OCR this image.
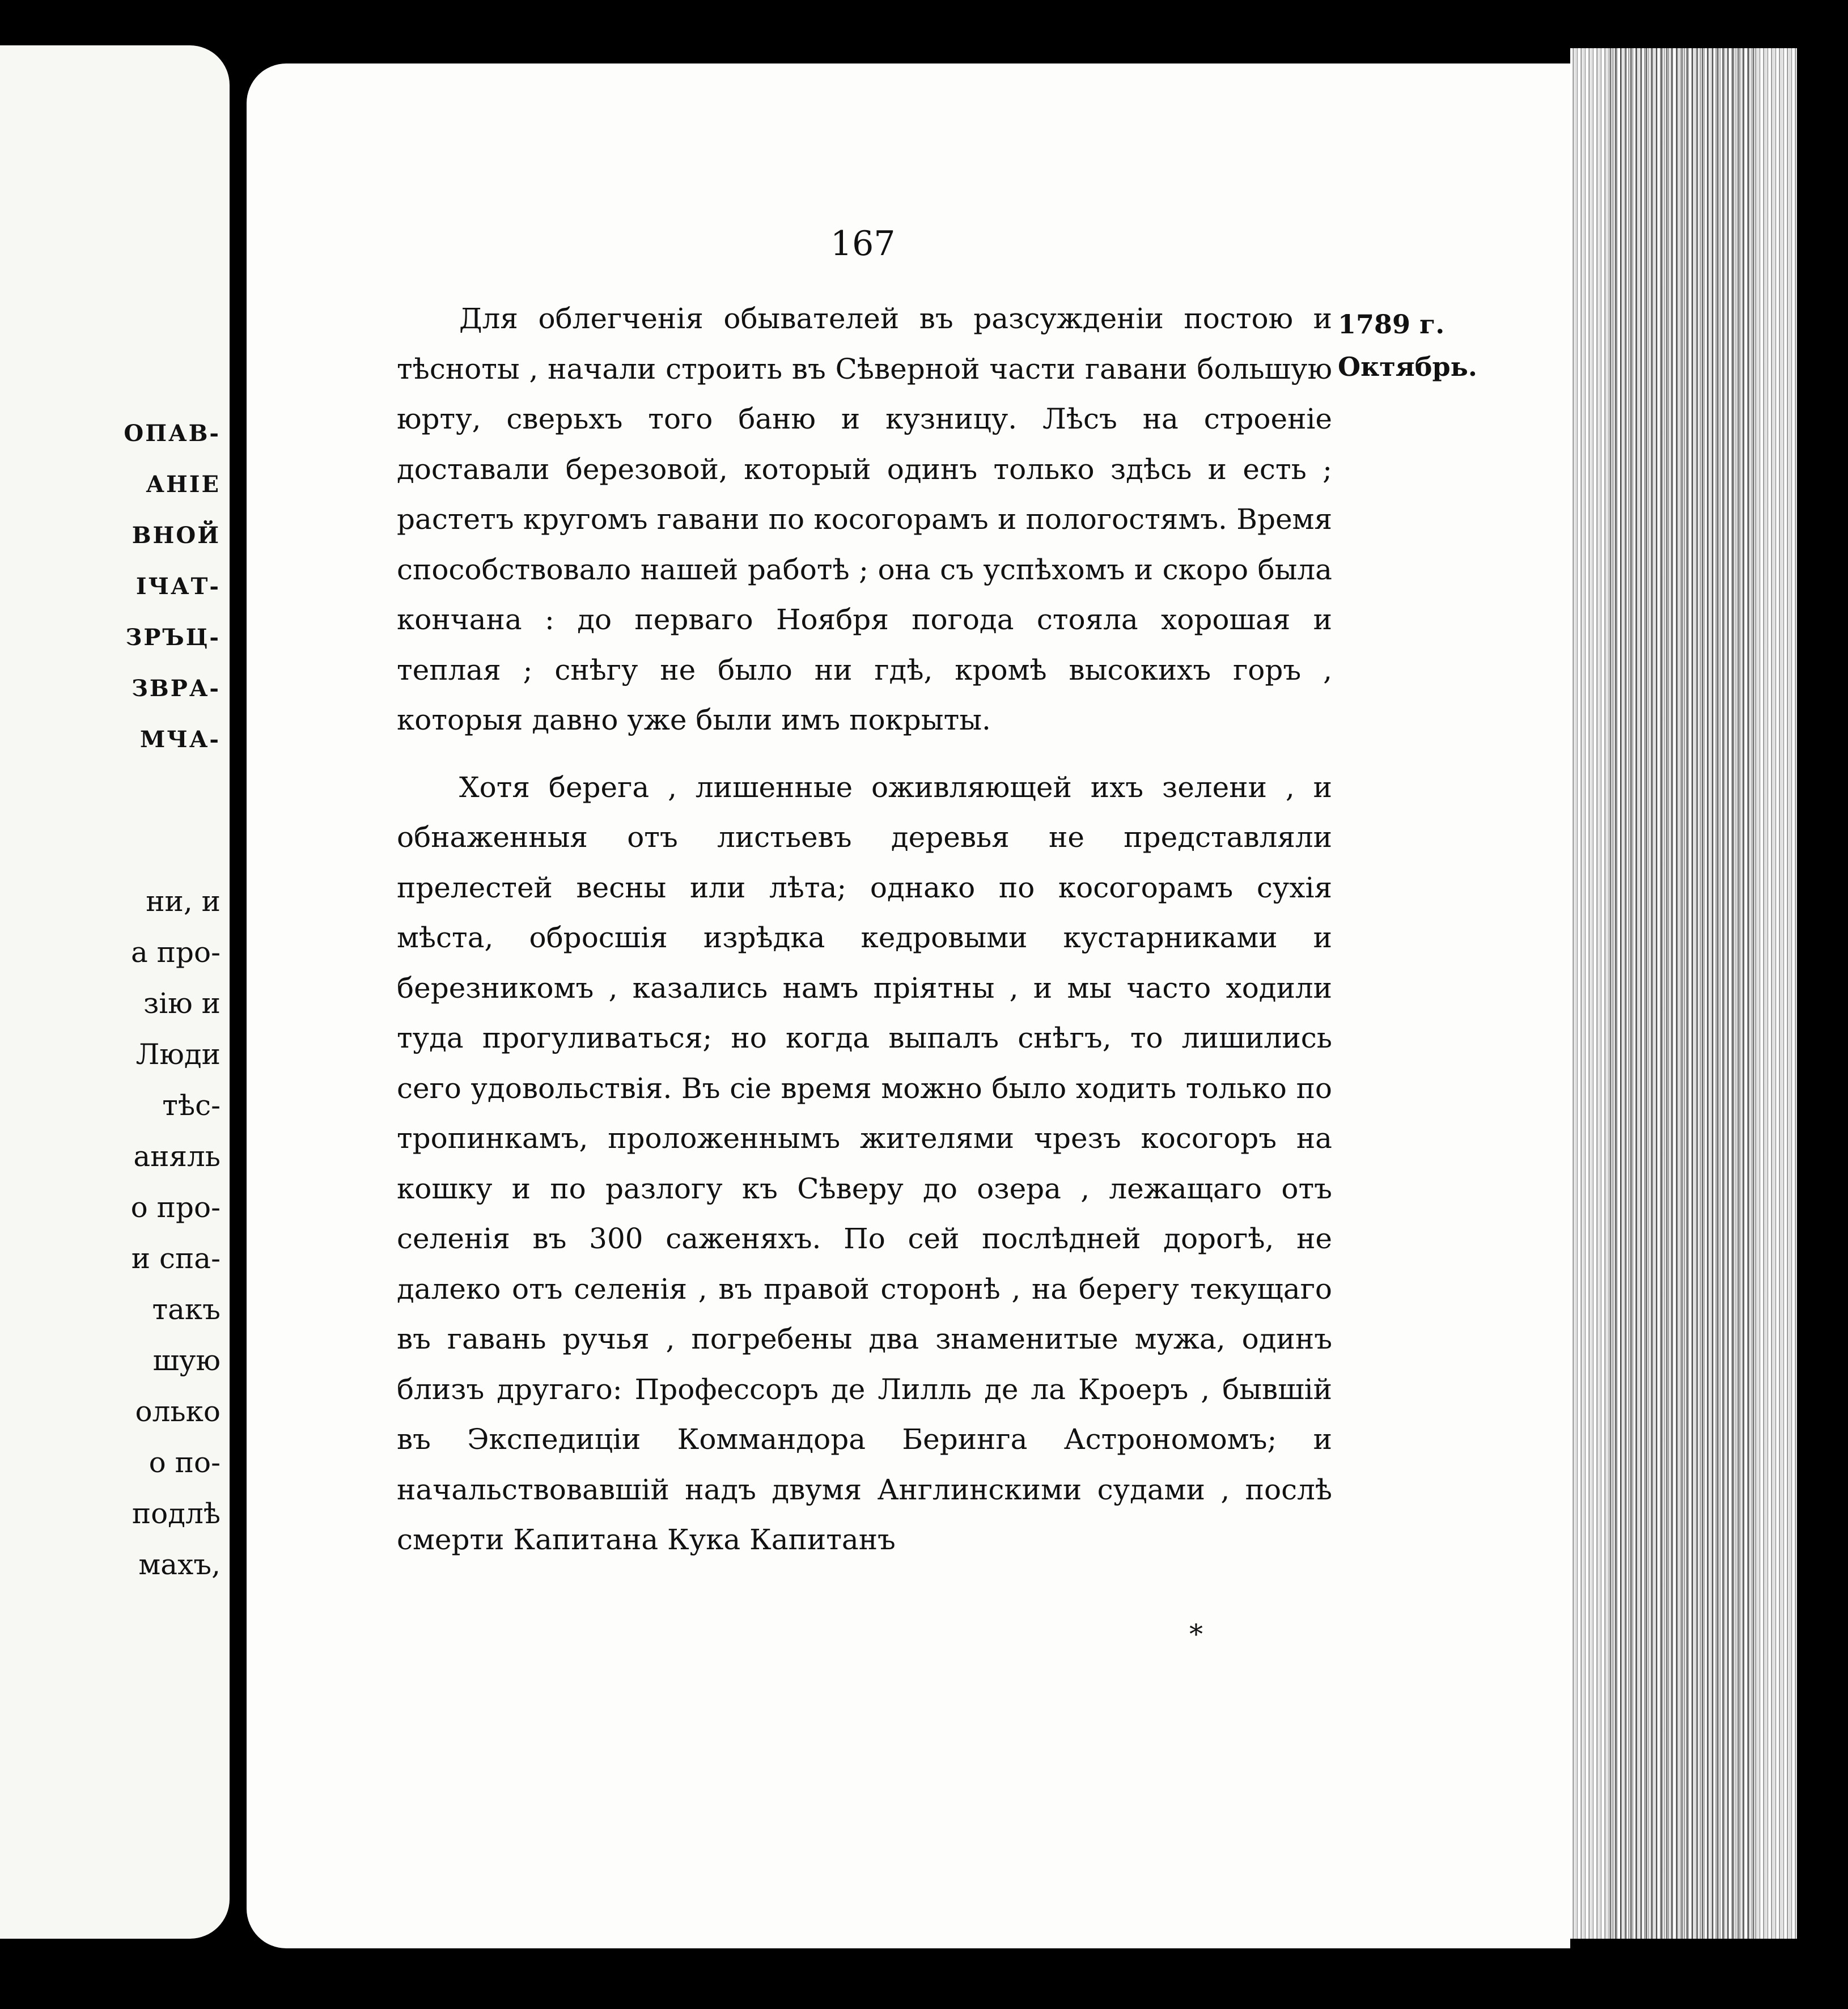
ОПАВ-
АНІЕ
ВНОЙ
ІЧАТ-
ЗРЪЦ-
ЗВРА-
МЧА-
ни, и
а про-
зію и
Люди
тѣс-
аняль
о про-
и спа-
такъ
шую
олько
о по-
подлѣ
махъ,
167
1789 г.
Октябрь.

Для облегченія обывателей въ разсужденіи постою и тѣсноты , начали строить въ Сѣверной части гавани большую юрту, сверьхъ того баню и кузницу. Лѣсъ на строеніе доставали березовой, который одинъ только здѣсь и есть ; растетъ кругомъ гавани по косогорамъ и пологостямъ. Время способствовало нашей работѣ ; она съ успѣхомъ и скоро была кончана : до перваго Ноября погода стояла хорошая и теплая ; снѣгу не было ни гдѣ, кромѣ высокихъ горъ , которыя давно уже были имъ покрыты.

Хотя берега , лишенные оживляющей ихъ зелени , и обнаженныя отъ листьевъ деревья не представляли прелестей весны или лѣта; однако по косогорамъ сухія мѣста, обросшія изрѣдка кедровыми кустарниками и березникомъ , казались намъ пріятны , и мы часто ходили туда прогуливаться; но когда выпалъ снѣгъ, то лишились сего удовольствія. Въ сіе время можно было ходить только по тропинкамъ, проложеннымъ жителями чрезъ косогоръ на кошку и по разлогу къ Сѣверу до озера , лежащаго отъ селенія въ 300 саженяхъ. По сей послѣдней дорогѣ, не далеко отъ селенія , въ правой сторонѣ , на берегу текущаго въ гавань ручья , погребены два знаменитые мужа, одинъ близъ другаго: Профессоръ де Лилль де ла Кроеръ , бывшій въ Экспедиціи Коммандора Беринга Астрономомъ; и начальствовавшій надъ двумя Англинскими судами , послѣ смерти Капитана Кука Капитанъ

*
